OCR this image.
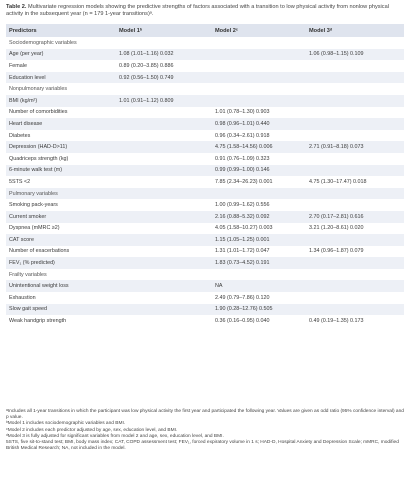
Table 2. Multivariate regression models showing the predictive strengths of factors associated with a transition to low physical activity from nonlow physical activity in the subsequent year (n = 179 1-year transitions)ᵃ.
Predictors	Model 1ᵇ	Model 2ᶜ	Model 3ᵈ
Sociodemographic variables			
Age (per year)	1.08 (1.01–1.16) 0.032		1.06 (0.98–1.15) 0.109
Female	0.89 (0.20–3.85) 0.886		
Education level	0.92 (0.56–1.50) 0.749		
Nonpulmonary variables			
BMI (kg/m²)	1.01 (0.91–1.12) 0.809		
Number of comorbidities		1.01 (0.78–1.30) 0.903	
Heart disease		0.98 (0.96–1.01) 0.440	
Diabetes		0.96 (0.34–2.61) 0.918	
Depression (HAD-D>11)		4.75 (1.58–14.56) 0.006	2.71 (0.91–8.18) 0.073
Quadriceps strength (kg)		0.91 (0.76–1.09) 0.323	
6-minute walk test (m)		0.99 (0.99–1.00) 0.146	
5STS <2		7.85 (2.34–26.23) 0.001	4.75 (1.30–17.47) 0.018
Pulmonary variables			
Smoking pack-years		1.00 (0.99–1.62) 0.556	
Current smoker		2.16 (0.88–5.32) 0.092	2.70 (0.17–2.81) 0.616
Dyspnea (mMRC ≥2)		4.05 (1.58–10.27) 0.003	3.21 (1.20–8.61) 0.020
CAT score		1.15 (1.05–1.25) 0.001	
Number of exacerbations		1.31 (1.01–1.72) 0.047	1.34 (0.96–1.87) 0.079
FEV₁ (% predicted)		1.83 (0.73–4.52) 0.191	
Frailty variables			
Unintentional weight loss		NA	
Exhaustion		2.49 (0.79–7.86) 0.120	
Slow gait speed		1.90 (0.28–12.76) 0.505	
Weak handgrip strength		0.36 (0.16–0.95) 0.040	0.49 (0.19–1.35) 0.173
ᵃIncludes all 1-year transitions in which the participant was low physical activity the first year and participated the following year. Values are given as odd ratio (95% confidence interval) and p value.
ᵇModel 1 includes sociodemographic variables and BMI.
ᶜModel 2 includes each predictor adjusted by age, sex, education level, and BMI.
ᵈModel 3 is fully adjusted for significant variables from model 2 and age, sex, education level, and BMI.
5STS, five sit-to-stand test; BMI, body mass index; CAT, COPD assessment test; FEV₁, forced expiratory volume in 1 s; HAD-D, Hospital Anxiety and Depression Scale; mMRC, modified British Medical Research; NA, not included in the model.
